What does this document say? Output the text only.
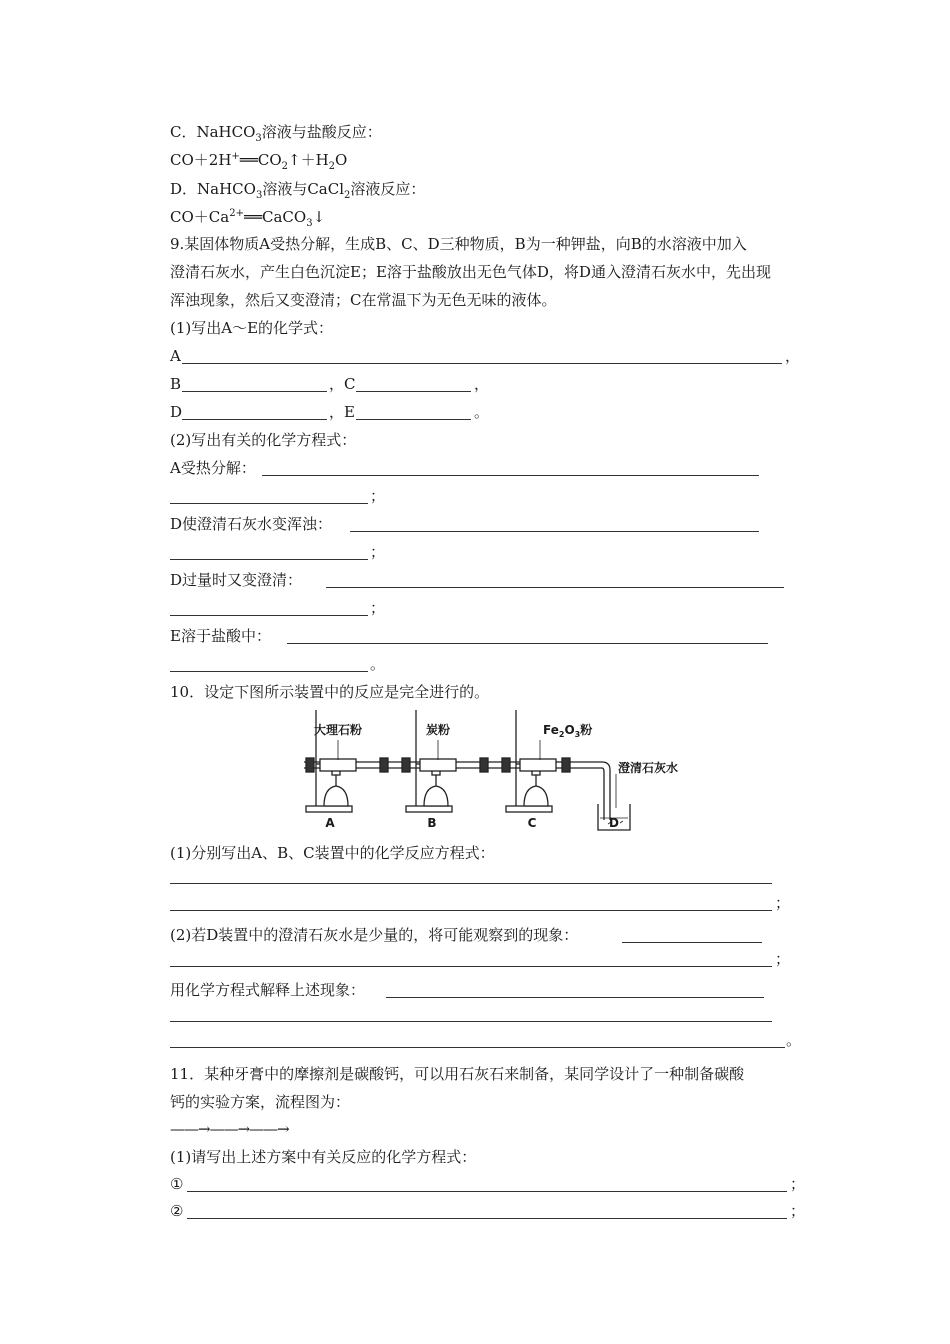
C．NaHCO$_3$溶液与盐酸反应：
$CO+2H^+══CO_2↑+H_2O$
D．NaHCO$_3$溶液与CaCl$_2$溶液反应：
$CO+Ca^{2+}══CaCO_3↓$
9.某固体物质A受热分解，生成B、C、D三种物质，B为一种钾盐，向B的水溶液中加入
澄清石灰水，产生白色沉淀E；E溶于盐酸放出无色气体D，将D通入澄清石灰水中，先出现
浑浊现象，然后又变澄清；C在常温下为无色无味的液体。
(1)写出A～E的化学式：
A	，
B	，C	，
D	，E	。
(2)写出有关的化学方程式：
A受热分解：
；
D使澄清石灰水变浑浊：
；
D过量时又变澄清：
；
E溶于盐酸中：
。
10．设定下图所示装置中的反应是完全进行的。
大理石粉	炭粉	$Fe_2O_3$粉
澄清石灰水
A	B	C	D
(1)分别写出A、B、C装置中的化学反应方程式：
；
(2)若D装置中的澄清石灰水是少量的，将可能观察到的现象：
；
用化学方程式解释上述现象：
。
11．某种牙膏中的摩擦剂是碳酸钙，可以用石灰石来制备，某同学设计了一种制备碳酸
钙的实验方案，流程图为：
——→——→——→
(1)请写出上述方案中有关反应的化学方程式：
①	；
②	；
